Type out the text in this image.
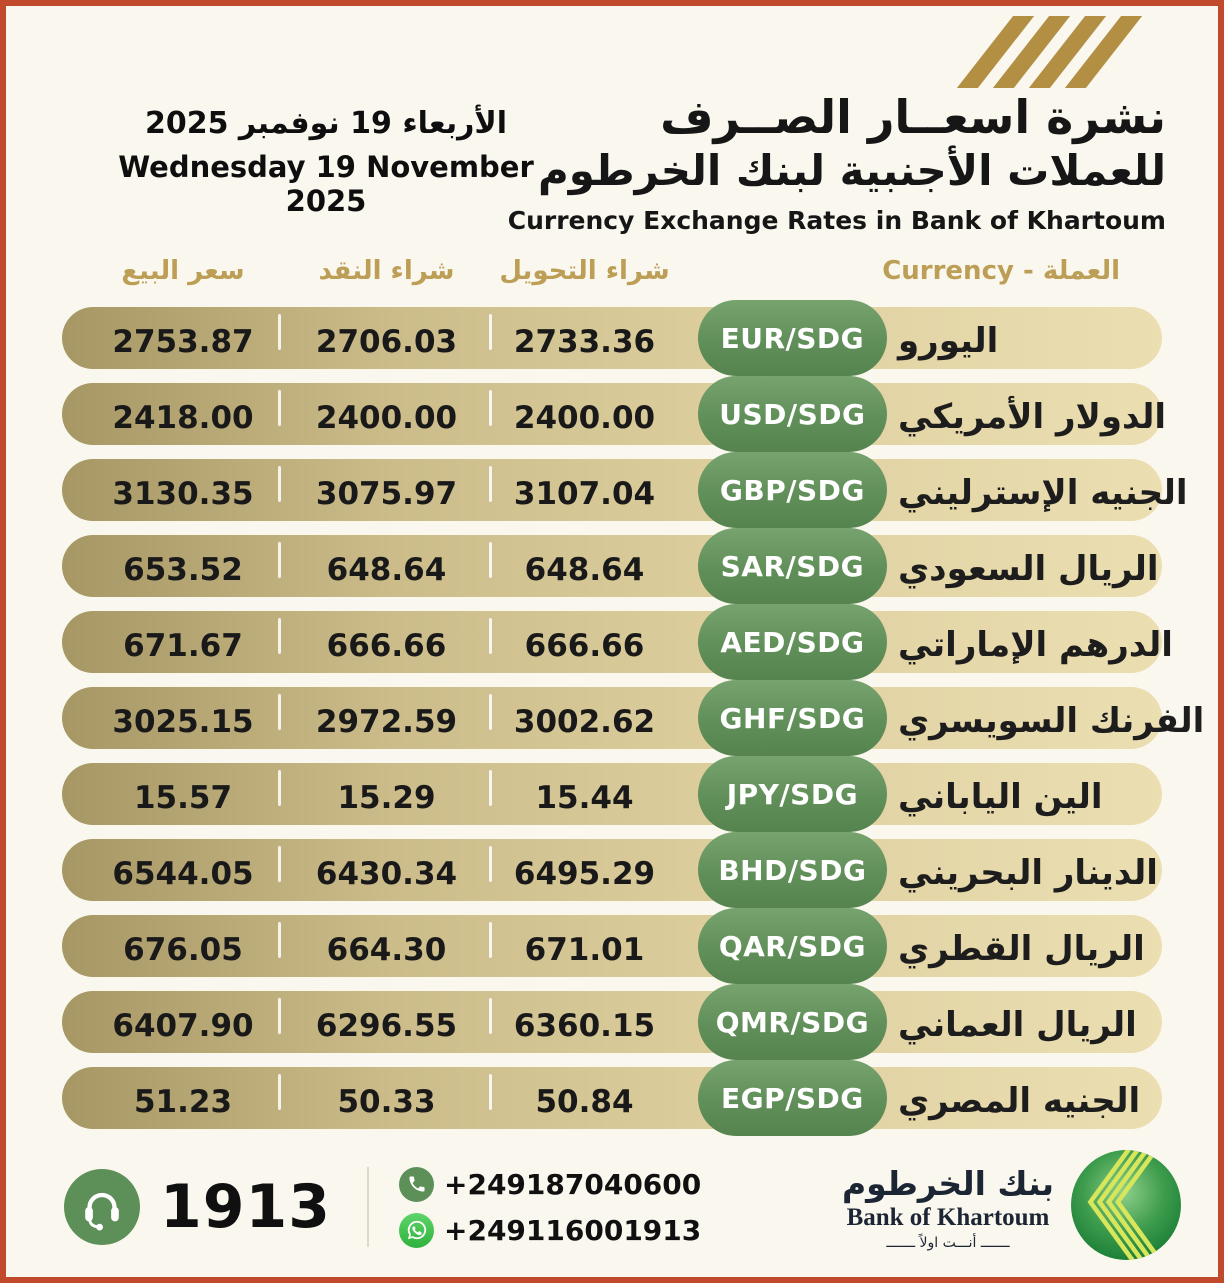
نشرة اسعــار الصــرف
للعملات الأجنبية لبنك الخرطوم
Currency Exchange Rates in Bank of Khartoum
الأربعاء 19 نوفمبر 2025
Wednesday 19 November 2025
سعر البيع	شراء النقد	شراء التحويل	العملة - Currency
2753.87	2706.03	2733.36	EUR/SDG اليورو
2418.00	2400.00	2400.00	USD/SDG الدولار الأمريكي
3130.35	3075.97	3107.04	GBP/SDG الجنيه الإسترليني
653.52	648.64	648.64	SAR/SDG الريال السعودي
671.67	666.66	666.66	AED/SDG الدرهم الإماراتي
3025.15	2972.59	3002.62	GHF/SDG الفرنك السويسري
15.57	15.29	15.44	JPY/SDG	الين الياباني
6544.05	6430.34	6495.29	BHD/SDG الدينار البحريني
676.05	664.30	671.01	QAR/SDG الريال القطري
6407.90	6296.55	6360.15	QMR/SDG الريال العماني
51.23	50.33	50.84	EGP/SDG	الجنيه المصري
1913	+249187040600
+249116001913
بنك الخرطوم
Bank of Khartoum
ـــــــ أنـــت اولاً ـــــــ
